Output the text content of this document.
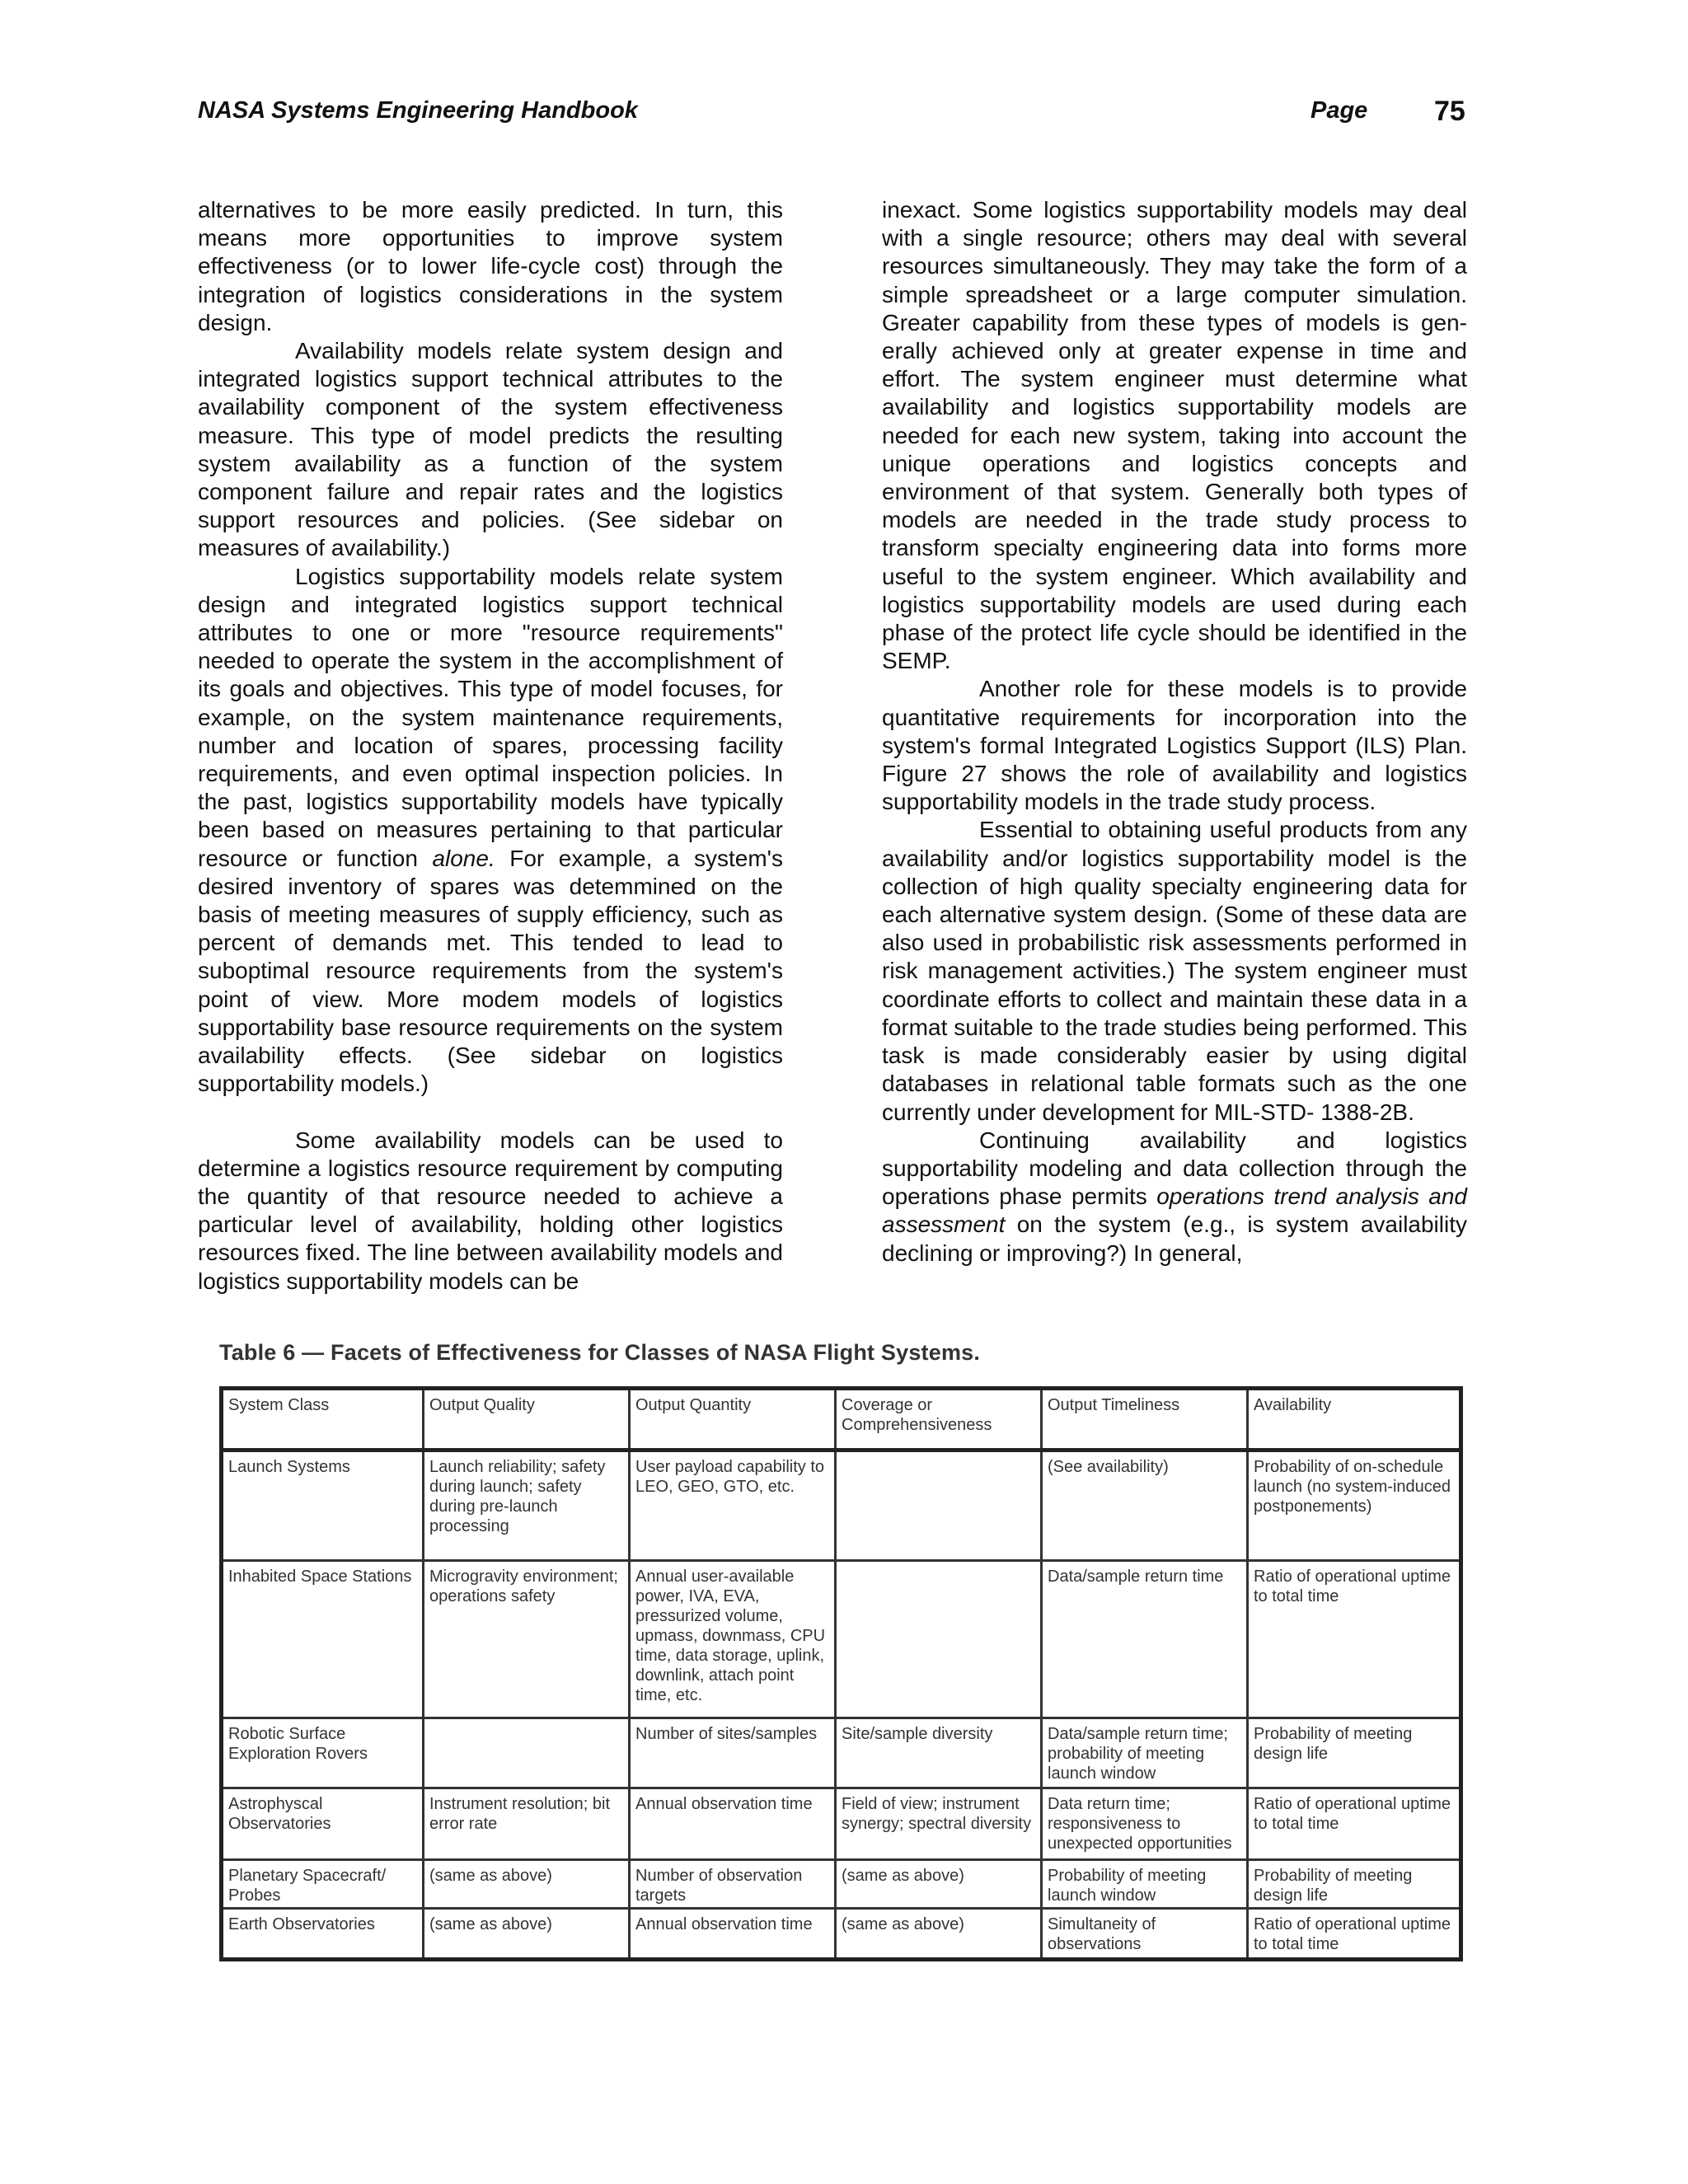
NASA Systems Engineering Handbook	Page 75

alternatives to be more easily predicted. In turn, this means more opportunities to improve system effectiveness (or to lower life-cycle cost) through the integration of logistics considerations in the system design.

Availability models relate system design and integrated logistics support technical attributes to the availability component of the system effectiveness measure. This type of model predicts the resulting system availability as a function of the system component failure and repair rates and the logistics support resources and policies. (See sidebar on measures of availability.)

Logistics supportability models relate system design and integrated logistics support technical attributes to one or more "resource requirements" needed to operate the system in the accomplishment of its goals and objectives. This type of model focuses, for example, on the system maintenance requirements, number and location of spares, processing facility requirements, and even optimal inspection policies. In the past, logistics supportability models have typically been based on measures pertaining to that particular resource or function alone. For example, a system's desired inventory of spares was detemmined on the basis of meeting measures of supply efficiency, such as percent of demands met. This tended to lead to suboptimal resource requirements from the system's point of view. More modem models of logistics supportability base resource requirements on the system availability effects. (See sidebar on logistics supportability models.)

Some availability models can be used to determine a logistics resource requirement by computing the quantity of that resource needed to achieve a particular level of availability, holding other logistics resources fixed. The line between availability models and logistics supportability models can be

inexact. Some logistics supportability models may deal with a single resource; others may deal with several resources simultaneously. They may take the form of a simple spreadsheet or a large computer simulation. Greater capability from these types of models is gen-erally achieved only at greater expense in time and effort. The system engineer must determine what availability and logistics supportability models are needed for each new system, taking into account the unique operations and logistics concepts and environment of that system. Generally both types of models are needed in the trade study process to transform specialty engineering data into forms more useful to the system engineer. Which availability and logistics supportability models are used during each phase of the protect life cycle should be identified in the SEMP.

Another role for these models is to provide quantitative requirements for incorporation into the system's formal Integrated Logistics Support (ILS) Plan. Figure 27 shows the role of availability and logistics supportability models in the trade study process.

Essential to obtaining useful products from any availability and/or logistics supportability model is the collection of high quality specialty engineering data for each alternative system design. (Some of these data are also used in probabilistic risk assessments performed in risk management activities.) The system engineer must coordinate efforts to collect and maintain these data in a format suitable to the trade studies being performed. This task is made considerably easier by using digital databases in relational table formats such as the one currently under development for MIL-STD- 1388-2B.

Continuing availability and logistics supportability modeling and data collection through the operations phase permits operations trend analysis and assessment on the system (e.g., is system availability declining or improving?) In general,

Table 6 — Facets of Effectiveness for Classes of NASA Flight Systems.
System Class	Output Quality	Output Quantity	Coverage or Comprehensiveness	Output Timeliness	Availability
Launch Systems	Launch reliability; safety during launch; safety during pre-launch processing	User payload capability to LEO, GEO, GTO, etc.		(See availability)	Probability of on-schedule launch (no system-induced postponements)
Inhabited Space Stations	Microgravity environment; operations safety	Annual user-available power, IVA, EVA, pressurized volume, upmass, downmass, CPU time, data storage, uplink, downlink, attach point time, etc.		Data/sample return time	Ratio of operational uptime to total time
Robotic Surface Exploration Rovers		Number of sites/samples	Site/sample diversity	Data/sample return time; probability of meeting launch window	Probability of meeting design life
Astrophyscal Observatories	Instrument resolution; bit error rate	Annual observation time	Field of view; instrument synergy; spectral diversity	Data return time; responsiveness to unexpected opportunities	Ratio of operational uptime to total time
Planetary Spacecraft/ Probes	(same as above)	Number of observation targets	(same as above)	Probability of meeting launch window	Probability of meeting design life
Earth Observatories	(same as above)	Annual observation time	(same as above)	Simultaneity of observations	Ratio of operational uptime to total time
